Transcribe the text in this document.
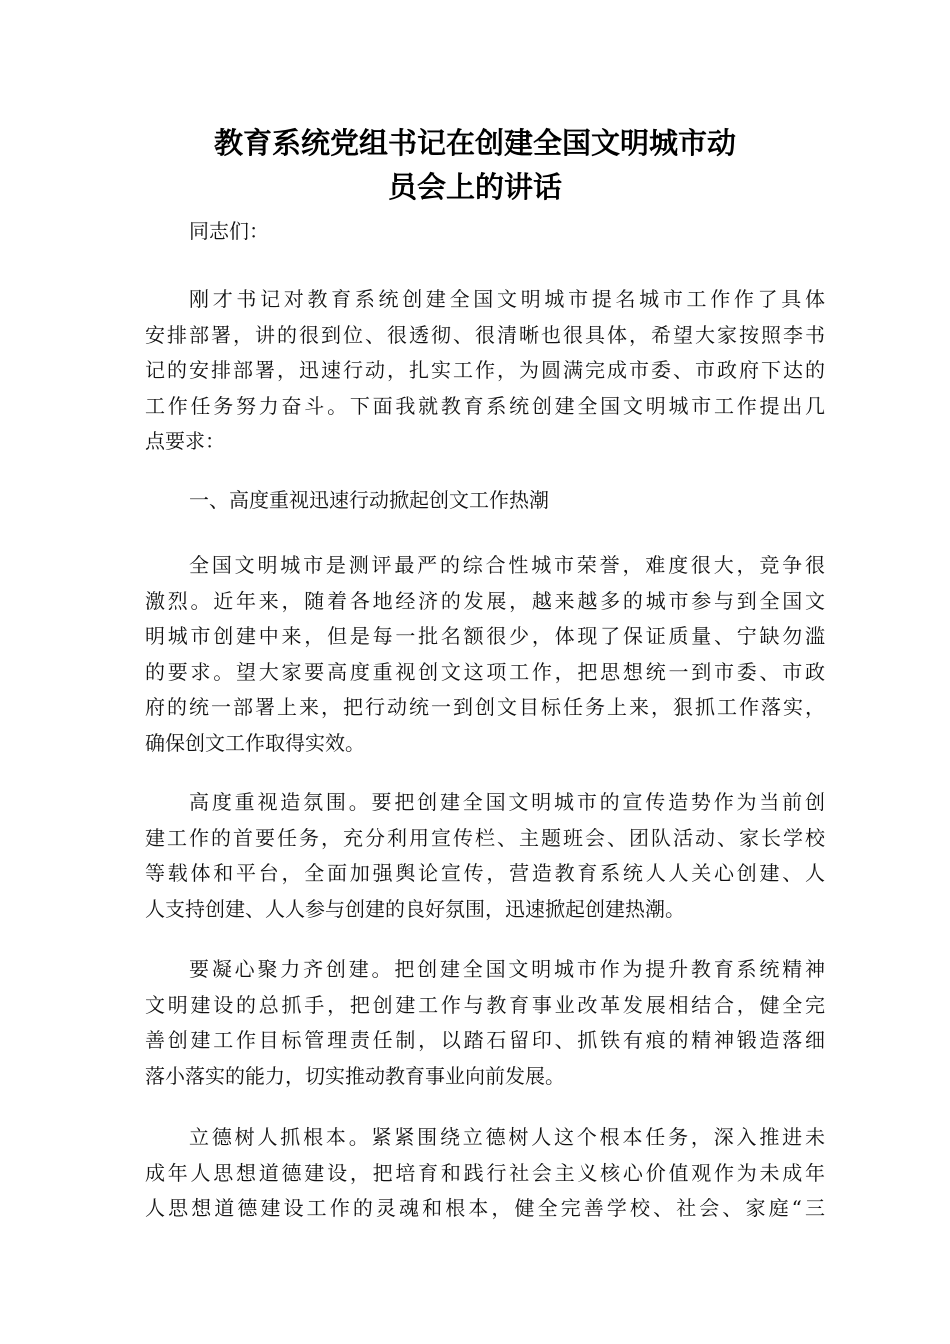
教育系统党组书记在创建全国文明城市动
员会上的讲话

同志们：

刚才书记对教育系统创建全国文明城市提名城市工作作了具体
安排部署，讲的很到位、很透彻、很清晰也很具体，希望大家按照李书
记的安排部署，迅速行动，扎实工作，为圆满完成市委、市政府下达的
工作任务努力奋斗。下面我就教育系统创建全国文明城市工作提出几
点要求：

一、高度重视迅速行动掀起创文工作热潮

全国文明城市是测评最严的综合性城市荣誉，难度很大，竞争很
激烈。近年来，随着各地经济的发展，越来越多的城市参与到全国文
明城市创建中来，但是每一批名额很少，体现了保证质量、宁缺勿滥
的要求。望大家要高度重视创文这项工作，把思想统一到市委、市政
府的统一部署上来，把行动统一到创文目标任务上来，狠抓工作落实，
确保创文工作取得实效。
高度重视造氛围。要把创建全国文明城市的宣传造势作为当前创
建工作的首要任务，充分利用宣传栏、主题班会、团队活动、家长学校
等载体和平台，全面加强舆论宣传，营造教育系统人人关心创建、人
人支持创建、人人参与创建的良好氛围，迅速掀起创建热潮。
要凝心聚力齐创建。把创建全国文明城市作为提升教育系统精神
文明建设的总抓手，把创建工作与教育事业改革发展相结合，健全完
善创建工作目标管理责任制，以踏石留印、抓铁有痕的精神锻造落细
落小落实的能力，切实推动教育事业向前发展。
立德树人抓根本。紧紧围绕立德树人这个根本任务，深入推进未
成年人思想道德建设，把培育和践行社会主义核心价值观作为未成年
人思想道德建设工作的灵魂和根本，健全完善学校、社会、家庭“三
